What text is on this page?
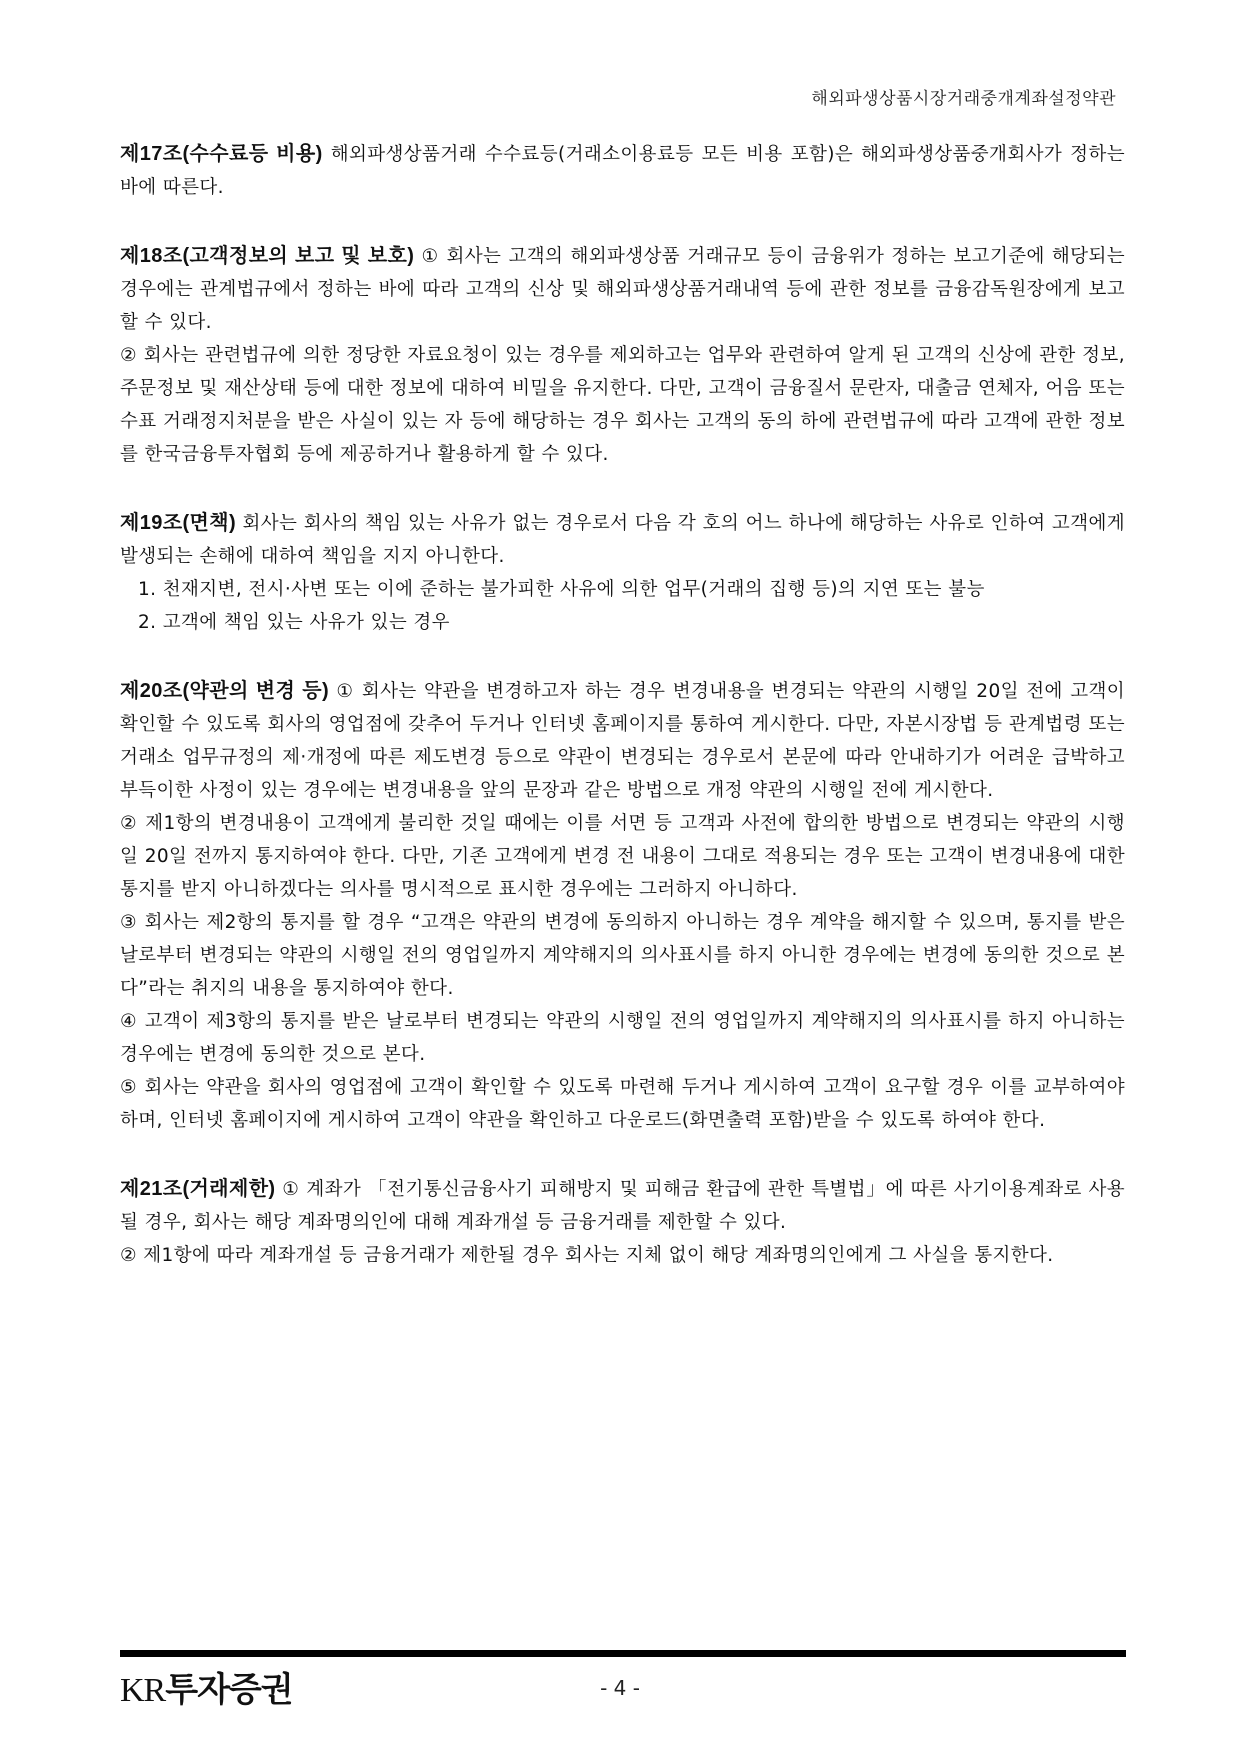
해외파생상품시장거래중개계좌설정약관

제17조(수수료등 비용) 해외파생상품거래 수수료등(거래소이용료등 모든 비용 포함)은 해외파생상품중개회사가 정하는 바에 따른다.

제18조(고객정보의 보고 및 보호) ① 회사는 고객의 해외파생상품 거래규모 등이 금융위가 정하는 보고기준에 해당되는 경우에는 관계법규에서 정하는 바에 따라 고객의 신상 및 해외파생상품거래내역 등에 관한 정보를 금융감독원장에게 보고할 수 있다.

② 회사는 관련법규에 의한 정당한 자료요청이 있는 경우를 제외하고는 업무와 관련하여 알게 된 고객의 신상에 관한 정보, 주문정보 및 재산상태 등에 대한 정보에 대하여 비밀을 유지한다. 다만, 고객이 금융질서 문란자, 대출금 연체자, 어음 또는 수표 거래정지처분을 받은 사실이 있는 자 등에 해당하는 경우 회사는 고객의 동의 하에 관련법규에 따라 고객에 관한 정보를 한국금융투자협회 등에 제공하거나 활용하게 할 수 있다.

제19조(면책) 회사는 회사의 책임 있는 사유가 없는 경우로서 다음 각 호의 어느 하나에 해당하는 사유로 인하여 고객에게 발생되는 손해에 대하여 책임을 지지 아니한다.

1. 천재지변, 전시·사변 또는 이에 준하는 불가피한 사유에 의한 업무(거래의 집행 등)의 지연 또는 불능

2. 고객에 책임 있는 사유가 있는 경우

제20조(약관의 변경 등) ① 회사는 약관을 변경하고자 하는 경우 변경내용을 변경되는 약관의 시행일 20일 전에 고객이 확인할 수 있도록 회사의 영업점에 갖추어 두거나 인터넷 홈페이지를 통하여 게시한다. 다만, 자본시장법 등 관계법령 또는 거래소 업무규정의 제·개정에 따른 제도변경 등으로 약관이 변경되는 경우로서 본문에 따라 안내하기가 어려운 급박하고 부득이한 사정이 있는 경우에는 변경내용을 앞의 문장과 같은 방법으로 개정 약관의 시행일 전에 게시한다.

② 제1항의 변경내용이 고객에게 불리한 것일 때에는 이를 서면 등 고객과 사전에 합의한 방법으로 변경되는 약관의 시행일 20일 전까지 통지하여야 한다. 다만, 기존 고객에게 변경 전 내용이 그대로 적용되는 경우 또는 고객이 변경내용에 대한 통지를 받지 아니하겠다는 의사를 명시적으로 표시한 경우에는 그러하지 아니하다.

③ 회사는 제2항의 통지를 할 경우 “고객은 약관의 변경에 동의하지 아니하는 경우 계약을 해지할 수 있으며, 통지를 받은 날로부터 변경되는 약관의 시행일 전의 영업일까지 계약해지의 의사표시를 하지 아니한 경우에는 변경에 동의한 것으로 본다”라는 취지의 내용을 통지하여야 한다.

④ 고객이 제3항의 통지를 받은 날로부터 변경되는 약관의 시행일 전의 영업일까지 계약해지의 의사표시를 하지 아니하는 경우에는 변경에 동의한 것으로 본다.

⑤ 회사는 약관을 회사의 영업점에 고객이 확인할 수 있도록 마련해 두거나 게시하여 고객이 요구할 경우 이를 교부하여야 하며, 인터넷 홈페이지에 게시하여 고객이 약관을 확인하고 다운로드(화면출력 포함)받을 수 있도록 하여야 한다.

제21조(거래제한) ① 계좌가 「전기통신금융사기 피해방지 및 피해금 환급에 관한 특별법」에 따른 사기이용계좌로 사용될 경우, 회사는 해당 계좌명의인에 대해 계좌개설 등 금융거래를 제한할 수 있다.

② 제1항에 따라 계좌개설 등 금융거래가 제한될 경우 회사는 지체 없이 해당 계좌명의인에게 그 사실을 통지한다.

KR투자증권	- 4 -
